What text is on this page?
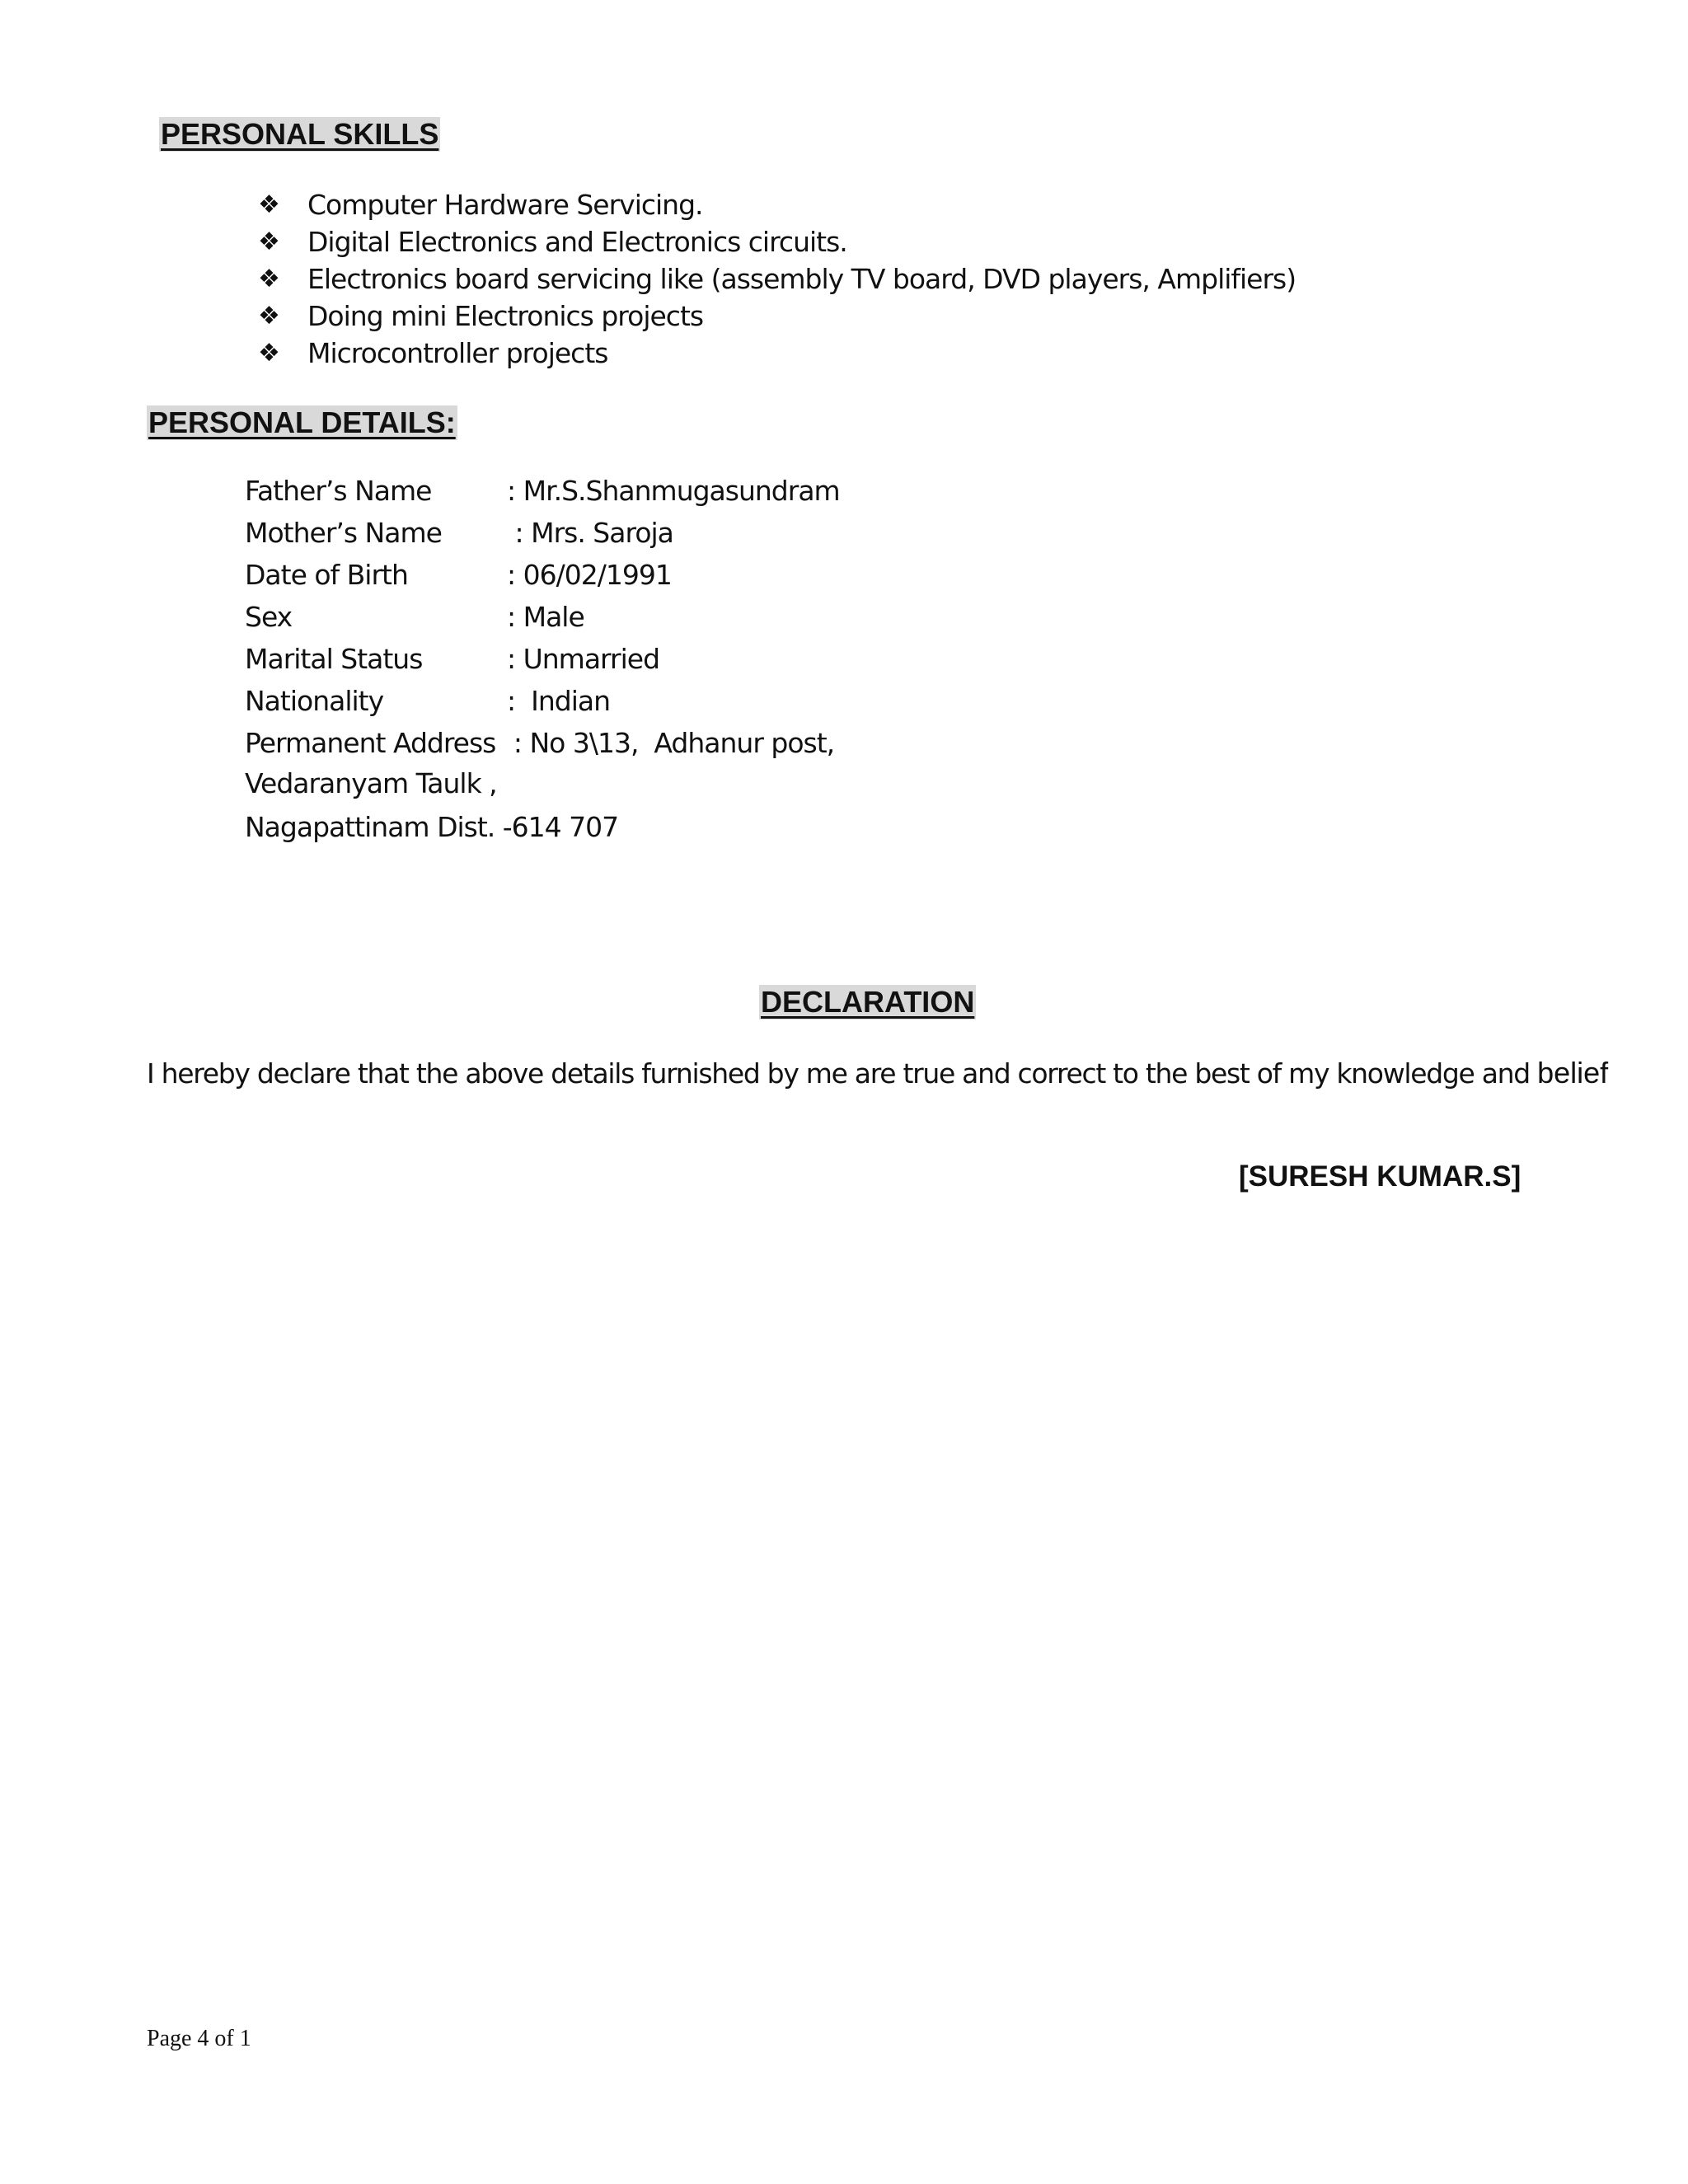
PERSONAL SKILLS
❖	Computer Hardware Servicing.
❖	Digital Electronics and Electronics circuits.
❖	Electronics board servicing like (assembly TV board, DVD players, Amplifiers)
❖	Doing mini Electronics projects
❖	Microcontroller projects
PERSONAL DETAILS:
Father’s Name	: Mr.S.Shanmugasundram
Mother’s Name	: Mrs. Saroja
Date of Birth	: 06/02/1991
Sex	: Male
Marital Status	: Unmarried
Nationality	:  Indian
Permanent Address : No 3\13,  Adhanur post,
Vedaranyam Taulk ,
Nagapattinam Dist. -614 707
DECLARATION
I hereby declare that the above details furnished by me are true and correct to the best of my knowledge and belief
[SURESH KUMAR.S]
Page 4 of 1
